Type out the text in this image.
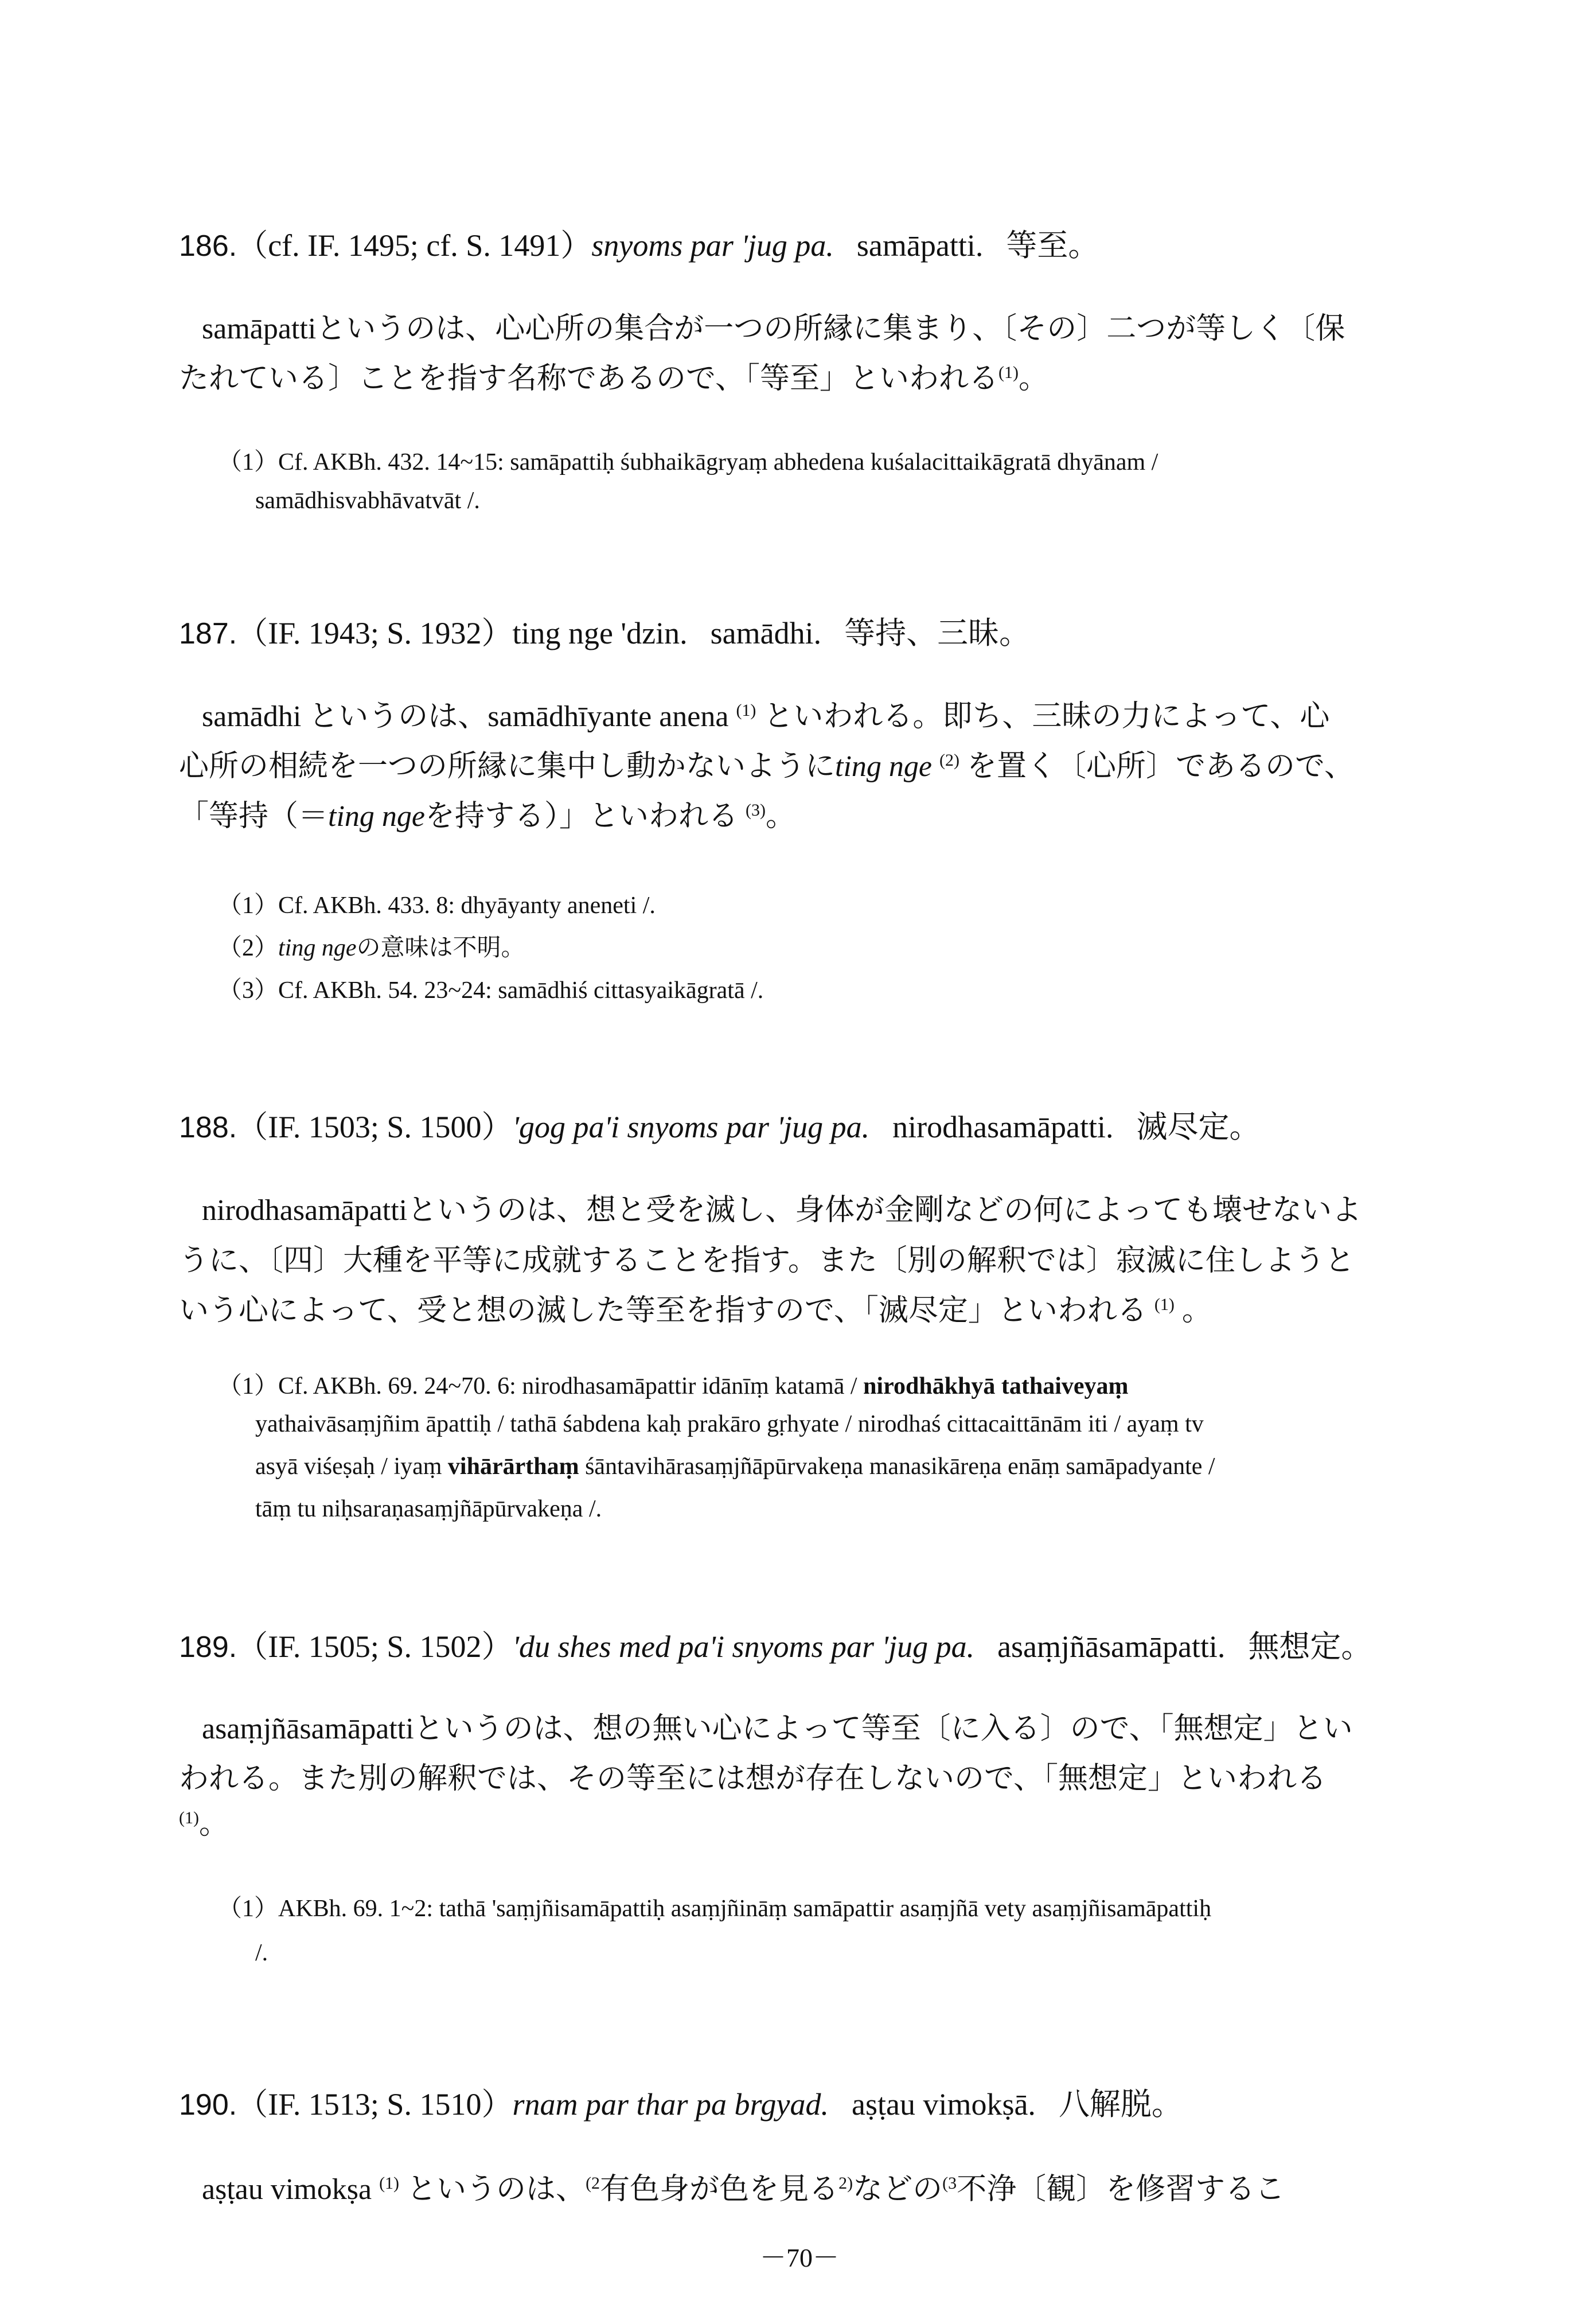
186.（cf. IF. 1495; cf. S. 1491）snyoms par 'jug pa. samāpatti. 等至。
samāpattiというのは、心心所の集合が一つの所縁に集まり、〔その〕二つが等しく〔保
たれている〕ことを指す名称であるので、「等至」といわれる$^{(1)}$。
（1）Cf. AKBh. 432. 14~15: samāpattiḥ śubhaikāgryaṃ abhedena kuśalacittaikāgratā dhyānam /
samādhisvabhāvatvāt /.
187.（IF. 1943; S. 1932）ting nge 'dzin. samādhi. 等持、三昧。
samādhi というのは、samādhīyante anena $^{(1)}$ といわれる。即ち、三昧の力によって、心
心所の相続を一つの所縁に集中し動かないようにting nge $^{(2)}$ を置く〔心所〕であるので、
「等持（＝ting ngeを持する）」といわれる $^{(3)}$。
（1）Cf. AKBh. 433. 8: dhyāyanty aneneti /.
（2）ting ngeの意味は不明。
（3）Cf. AKBh. 54. 23~24: samādhiś cittasyaikāgratā /.
188.（IF. 1503; S. 1500）'gog pa'i snyoms par 'jug pa. nirodhasamāpatti. 滅尽定。
nirodhasamāpattiというのは、想と受を滅し、身体が金剛などの何によっても壊せないよ
うに、〔四〕大種を平等に成就することを指す。また〔別の解釈では〕寂滅に住しようと
いう心によって、受と想の滅した等至を指すので、「滅尽定」といわれる $^{(1)}$ 。
（1）Cf. AKBh. 69. 24~70. 6: nirodhasamāpattir idānīṃ katamā / nirodhākhyā tathaiveyaṃ
yathaivāsaṃjñim āpattiḥ / tathā śabdena kaḥ prakāro gṛhyate / nirodhaś cittacaittānām iti / ayaṃ tv
asyā viśeṣaḥ / iyaṃ vihārārthaṃ śāntavihārasaṃjñāpūrvakeṇa manasikāreṇa enāṃ samāpadyante /
tāṃ tu niḥsaraṇasaṃjñāpūrvakeṇa /.
189.（IF. 1505; S. 1502）'du shes med pa'i snyoms par 'jug pa. asaṃjñāsamāpatti. 無想定。
asaṃjñāsamāpattiというのは、想の無い心によって等至〔に入る〕ので、「無想定」とい
われる。また別の解釈では、その等至には想が存在しないので、「無想定」といわれる
$^{(1)}$。
（1）AKBh. 69. 1~2: tathā 'saṃjñisamāpattiḥ asaṃjñināṃ samāpattir asaṃjñā vety asaṃjñisamāpattiḥ
/.
190.（IF. 1513; S. 1510）rnam par thar pa brgyad. aṣṭau vimokṣā. 八解脱。
aṣṭau vimokṣa $^{(1)}$ というのは、$^{(2}$有色身が色を見る$^{2)}$などの$^{(3}$不浄〔観〕を修習するこ
－70－
